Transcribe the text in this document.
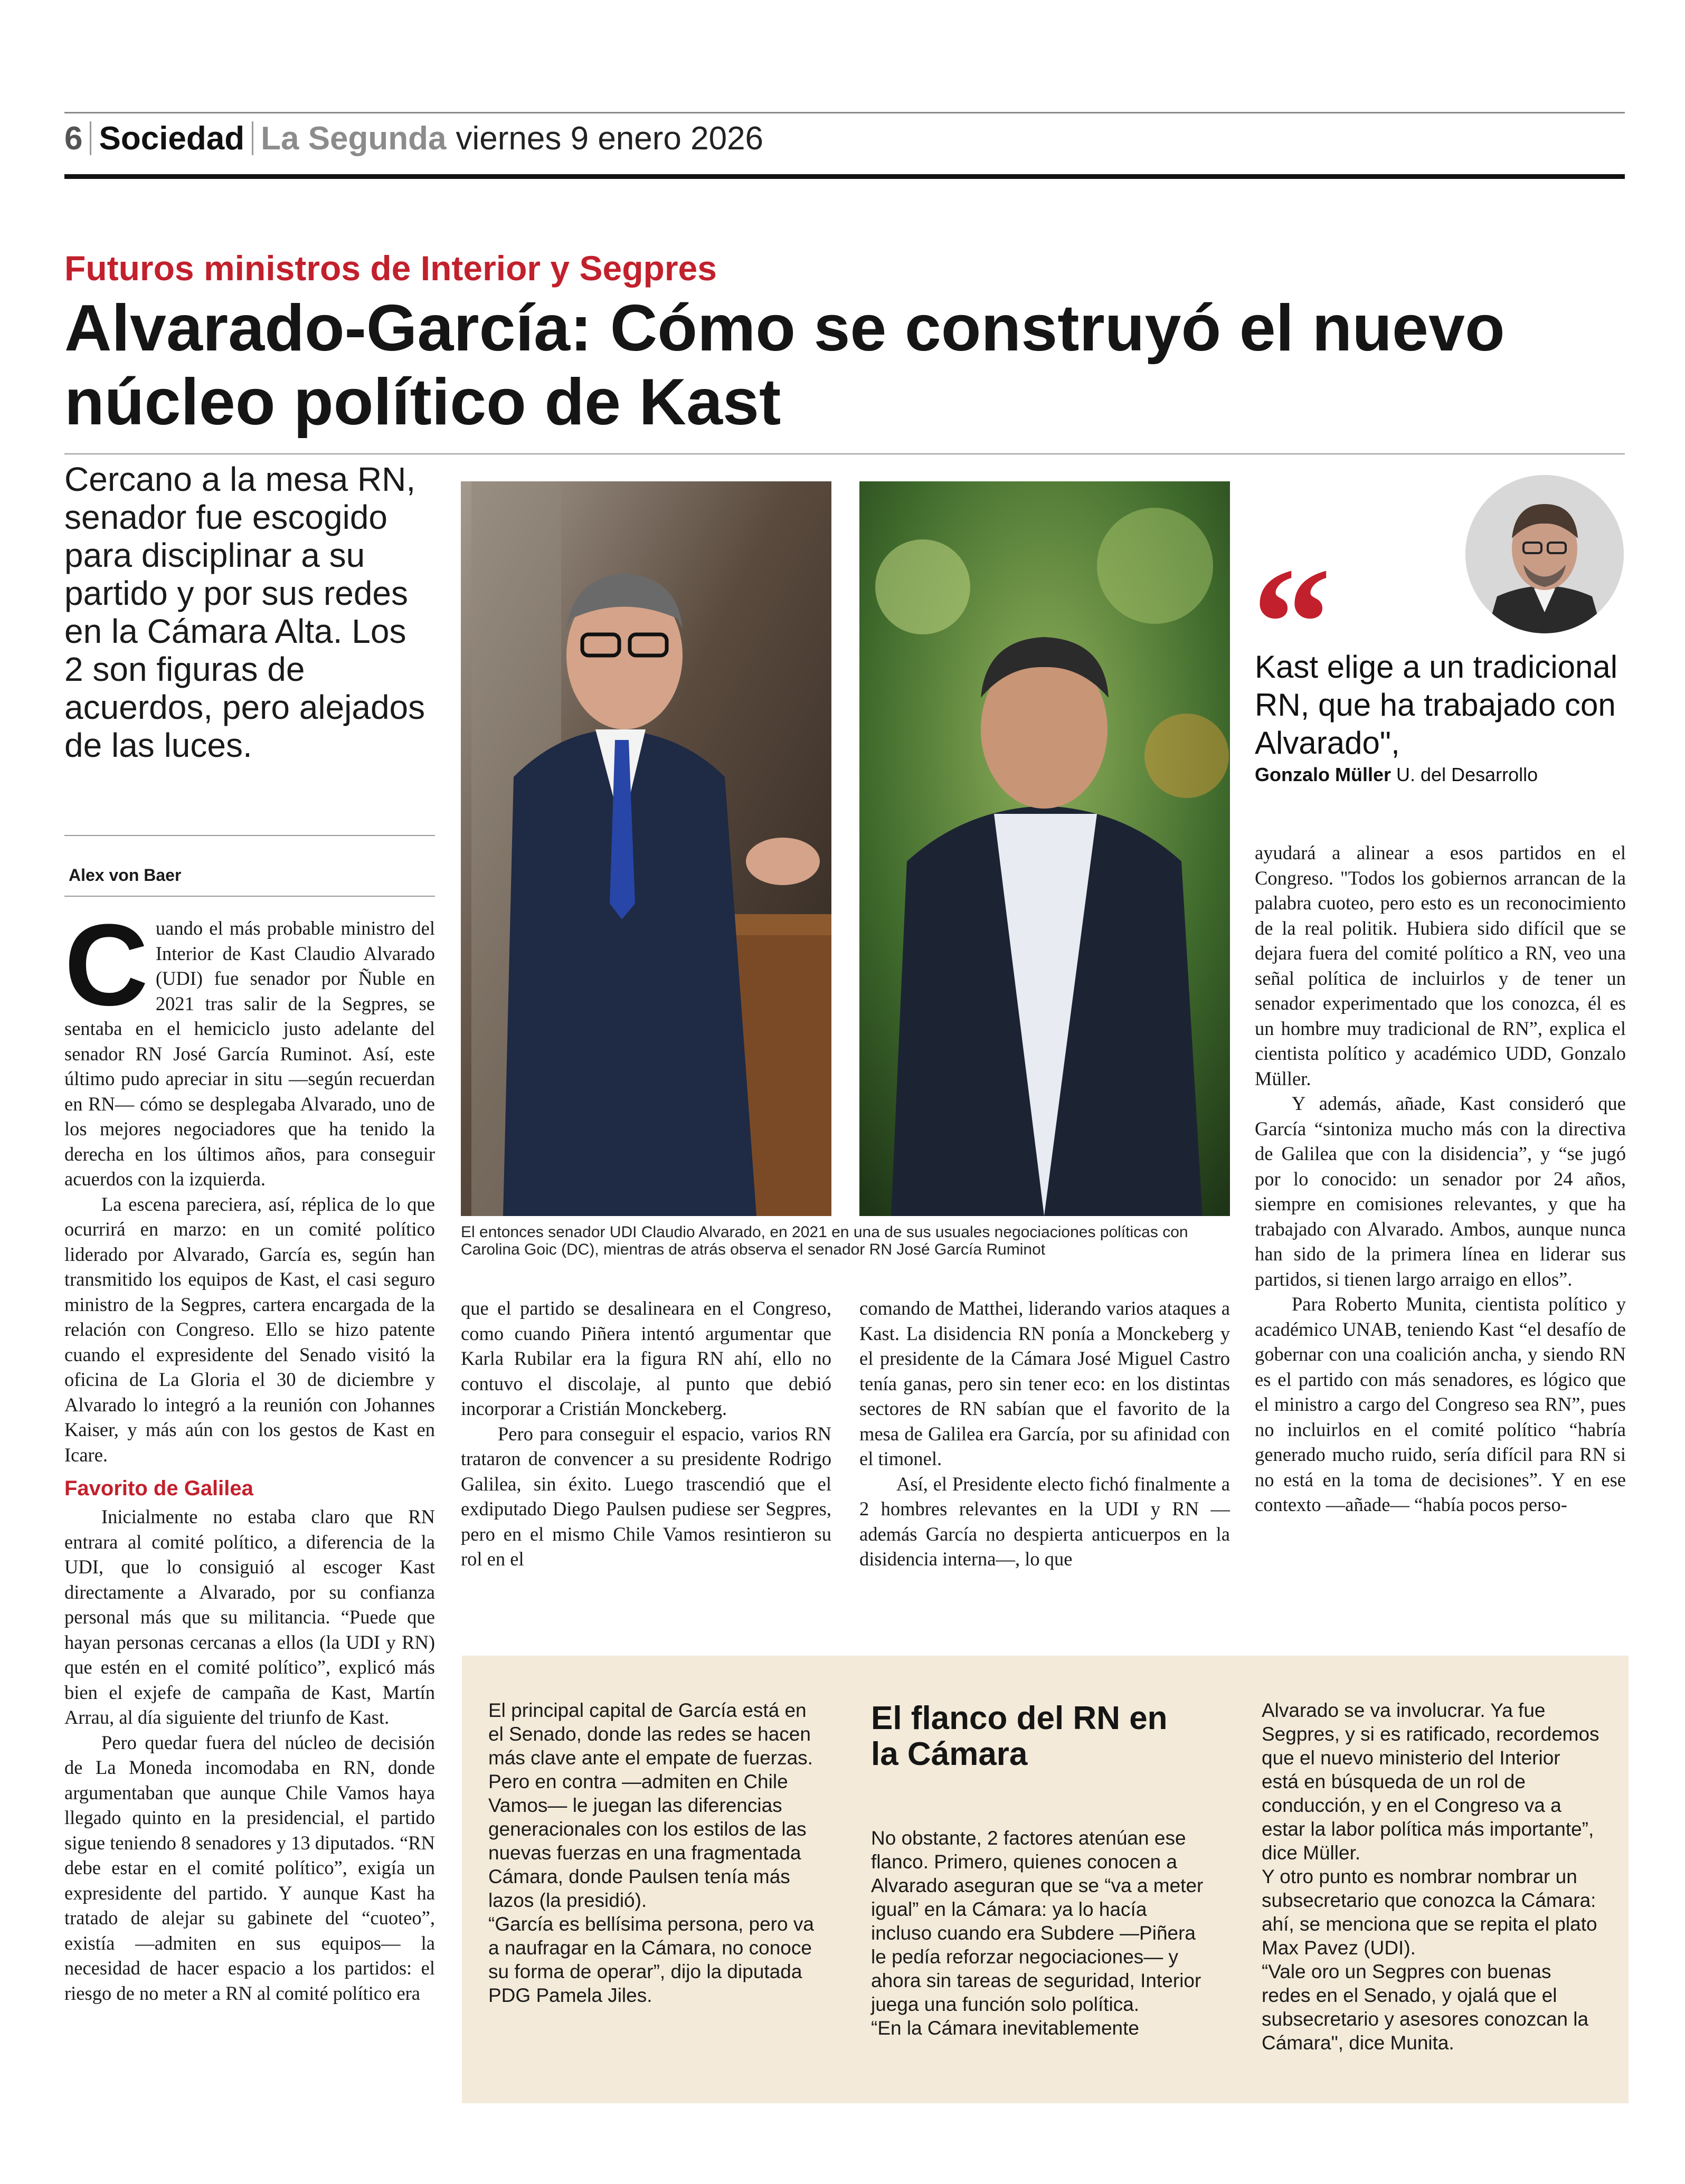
6 Sociedad La Segunda viernes 9 enero 2026
Futuros ministros de Interior y Segpres
Alvarado-García: Cómo se construyó el nuevo núcleo político de Kast
Cercano a la mesa RN, senador fue escogido para disciplinar a su partido y por sus redes en la Cámara Alta. Los 2 son figuras de acuerdos, pero alejados de las luces.
Alex von Baer
C uando el más probable ministro del Interior de Kast Claudio Alvarado (UDI) fue senador por Ñuble en 2021 tras salir de la Segpres, se sentaba en el hemiciclo justo adelante del senador RN José García Ruminot. Así, este último pudo apreciar in situ —según recuerdan en RN— cómo se desplegaba Alvarado, uno de los mejores negociadores que ha tenido la derecha en los últimos años, para conseguir acuerdos con la izquierda.

La escena pareciera, así, réplica de lo que ocurrirá en marzo: en un comité político liderado por Alvarado, García es, según han transmitido los equipos de Kast, el casi seguro ministro de la Segpres, cartera encargada de la relación con Congreso. Ello se hizo patente cuando el expresidente del Senado visitó la oficina de La Gloria el 30 de diciembre y Alvarado lo integró a la reunión con Johannes Kaiser, y más aún con los gestos de Kast en Icare.

Favorito de Galilea

Inicialmente no estaba claro que RN entrara al comité político, a diferencia de la UDI, que lo consiguió al escoger Kast directamente a Alvarado, por su confianza personal más que su militancia. “Puede que hayan personas cercanas a ellos (la UDI y RN) que estén en el comité político”, explicó más bien el exjefe de campaña de Kast, Martín Arrau, al día siguiente del triunfo de Kast.

Pero quedar fuera del núcleo de decisión de La Moneda incomodaba en RN, donde argumentaban que aunque Chile Vamos haya llegado quinto en la presidencial, el partido sigue teniendo 8 senadores y 13 diputados. “RN debe estar en el comité político”, exigía un expresidente del partido. Y aunque Kast ha tratado de alejar su gabinete del “cuoteo”, existía —admiten en sus equipos— la necesidad de hacer espacio a los partidos: el riesgo de no meter a RN al comité político era

El entonces senador UDI Claudio Alvarado, en 2021 en una de sus usuales negociaciones políticas con Carolina Goic (DC), mientras de atrás observa el senador RN José García Ruminot

que el partido se desalineara en el Congreso, como cuando Piñera intentó argumentar que Karla Rubilar era la figura RN ahí, ello no contuvo el discolaje, al punto que debió incorporar a Cristián Monckeberg.

Pero para conseguir el espacio, varios RN trataron de convencer a su presidente Rodrigo Galilea, sin éxito. Luego trascendió que el exdiputado Diego Paulsen pudiese ser Segpres, pero en el mismo Chile Vamos resintieron su rol en el

comando de Matthei, liderando varios ataques a Kast. La disidencia RN ponía a Monckeberg y el presidente de la Cámara José Miguel Castro tenía ganas, pero sin tener eco: en los distintas sectores de RN sabían que el favorito de la mesa de Galilea era García, por su afinidad con el timonel.

Así, el Presidente electo fichó finalmente a 2 hombres relevantes en la UDI y RN —además García no despierta anticuerpos en la disidencia interna—, lo que

“
Kast elige a un tradicional RN, que ha trabajado con Alvarado",
Gonzalo Müller U. del Desarrollo

ayudará a alinear a esos partidos en el Congreso. "Todos los gobiernos arrancan de la palabra cuoteo, pero esto es un reconocimiento de la real politik. Hubiera sido difícil que se dejara fuera del comité político a RN, veo una señal política de incluirlos y de tener un senador experimentado que los conozca, él es un hombre muy tradicional de RN”, explica el cientista político y académico UDD, Gonzalo Müller.

Y además, añade, Kast consideró que García “sintoniza mucho más con la directiva de Galilea que con la disidencia”, y “se jugó por lo conocido: un senador por 24 años, siempre en comisiones relevantes, y que ha trabajado con Alvarado. Ambos, aunque nunca han sido de la primera línea en liderar sus partidos, si tienen largo arraigo en ellos”.

Para Roberto Munita, cientista político y académico UNAB, teniendo Kast “el desafío de gobernar con una coalición ancha, y siendo RN es el partido con más senadores, es lógico que el ministro a cargo del Congreso sea RN”, pues no incluirlos en el comité político “habría generado mucho ruido, sería difícil para RN si no está en la toma de decisiones”. Y en ese contexto —añade— “había pocos perso-

El principal capital de García está en el Senado, donde las redes se hacen más clave ante el empate de fuerzas. Pero en contra —admiten en Chile Vamos— le juegan las diferencias generacionales con los estilos de las nuevas fuerzas en una fragmentada Cámara, donde Paulsen tenía más lazos (la presidió).

“García es bellísima persona, pero va a naufragar en la Cámara, no conoce su forma de operar”, dijo la diputada PDG Pamela Jiles.

El flanco del RN en la Cámara

No obstante, 2 factores atenúan ese flanco. Primero, quienes conocen a Alvarado aseguran que se “va a meter igual” en la Cámara: ya lo hacía incluso cuando era Subdere —Piñera le pedía reforzar negociaciones— y ahora sin tareas de seguridad, Interior juega una función solo política.

“En la Cámara inevitablemente

Alvarado se va involucrar. Ya fue Segpres, y si es ratificado, recordemos que el nuevo ministerio del Interior está en búsqueda de un rol de conducción, y en el Congreso va a estar la labor política más importante”, dice Müller.

Y otro punto es nombrar nombrar un subsecretario que conozca la Cámara: ahí, se menciona que se repita el plato Max Pavez (UDI).

“Vale oro un Segpres con buenas redes en el Senado, y ojalá que el subsecretario y asesores conozcan la Cámara", dice Munita.
